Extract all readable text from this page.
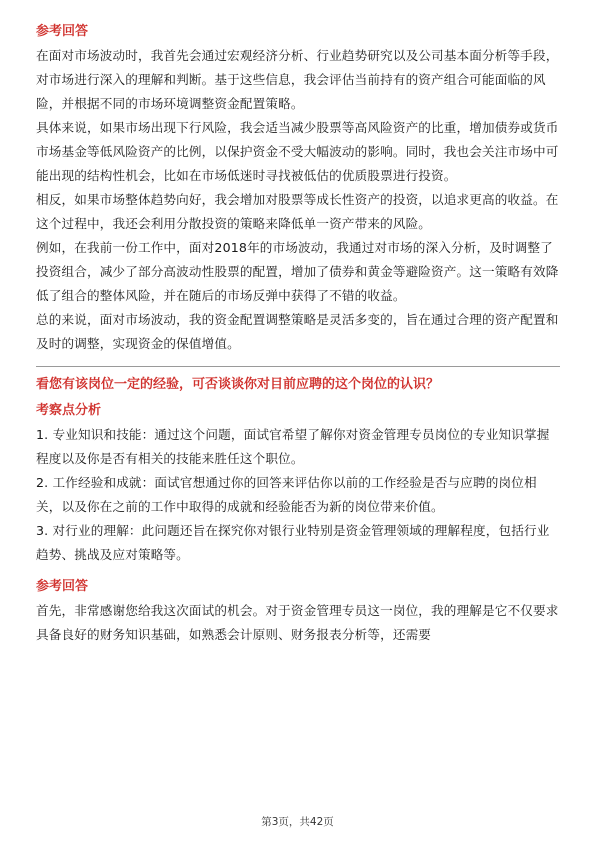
参考回答

在面对市场波动时，我首先会通过宏观经济分析、行业趋势研究以及公司基本面分析等手段，对市场进行深入的理解和判断。基于这些信息，我会评估当前持有的资产组合可能面临的风险，并根据不同的市场环境调整资金配置策略。

具体来说，如果市场出现下行风险，我会适当减少股票等高风险资产的比重，增加债券或货币市场基金等低风险资产的比例，以保护资金不受大幅波动的影响。同时，我也会关注市场中可能出现的结构性机会，比如在市场低迷时寻找被低估的优质股票进行投资。

相反，如果市场整体趋势向好，我会增加对股票等成长性资产的投资，以追求更高的收益。在这个过程中，我还会利用分散投资的策略来降低单一资产带来的风险。

例如，在我前一份工作中，面对2018年的市场波动，我通过对市场的深入分析，及时调整了投资组合，减少了部分高波动性股票的配置，增加了债券和黄金等避险资产。这一策略有效降低了组合的整体风险，并在随后的市场反弹中获得了不错的收益。

总的来说，面对市场波动，我的资金配置调整策略是灵活多变的，旨在通过合理的资产配置和及时的调整，实现资金的保值增值。

看您有该岗位一定的经验，可否谈谈你对目前应聘的这个岗位的认识？

考察点分析

1. 专业知识和技能：通过这个问题，面试官希望了解你对资金管理专员岗位的专业知识掌握程度以及你是否有相关的技能来胜任这个职位。

2. 工作经验和成就：面试官想通过你的回答来评估你以前的工作经验是否与应聘的岗位相关，以及你在之前的工作中取得的成就和经验能否为新的岗位带来价值。

3. 对行业的理解：此问题还旨在探究你对银行业特别是资金管理领域的理解程度，包括行业趋势、挑战及应对策略等。

参考回答

首先，非常感谢您给我这次面试的机会。对于资金管理专员这一岗位，我的理解是它不仅要求具备良好的财务知识基础，如熟悉会计原则、财务报表分析等，还需要

第3页，共42页
